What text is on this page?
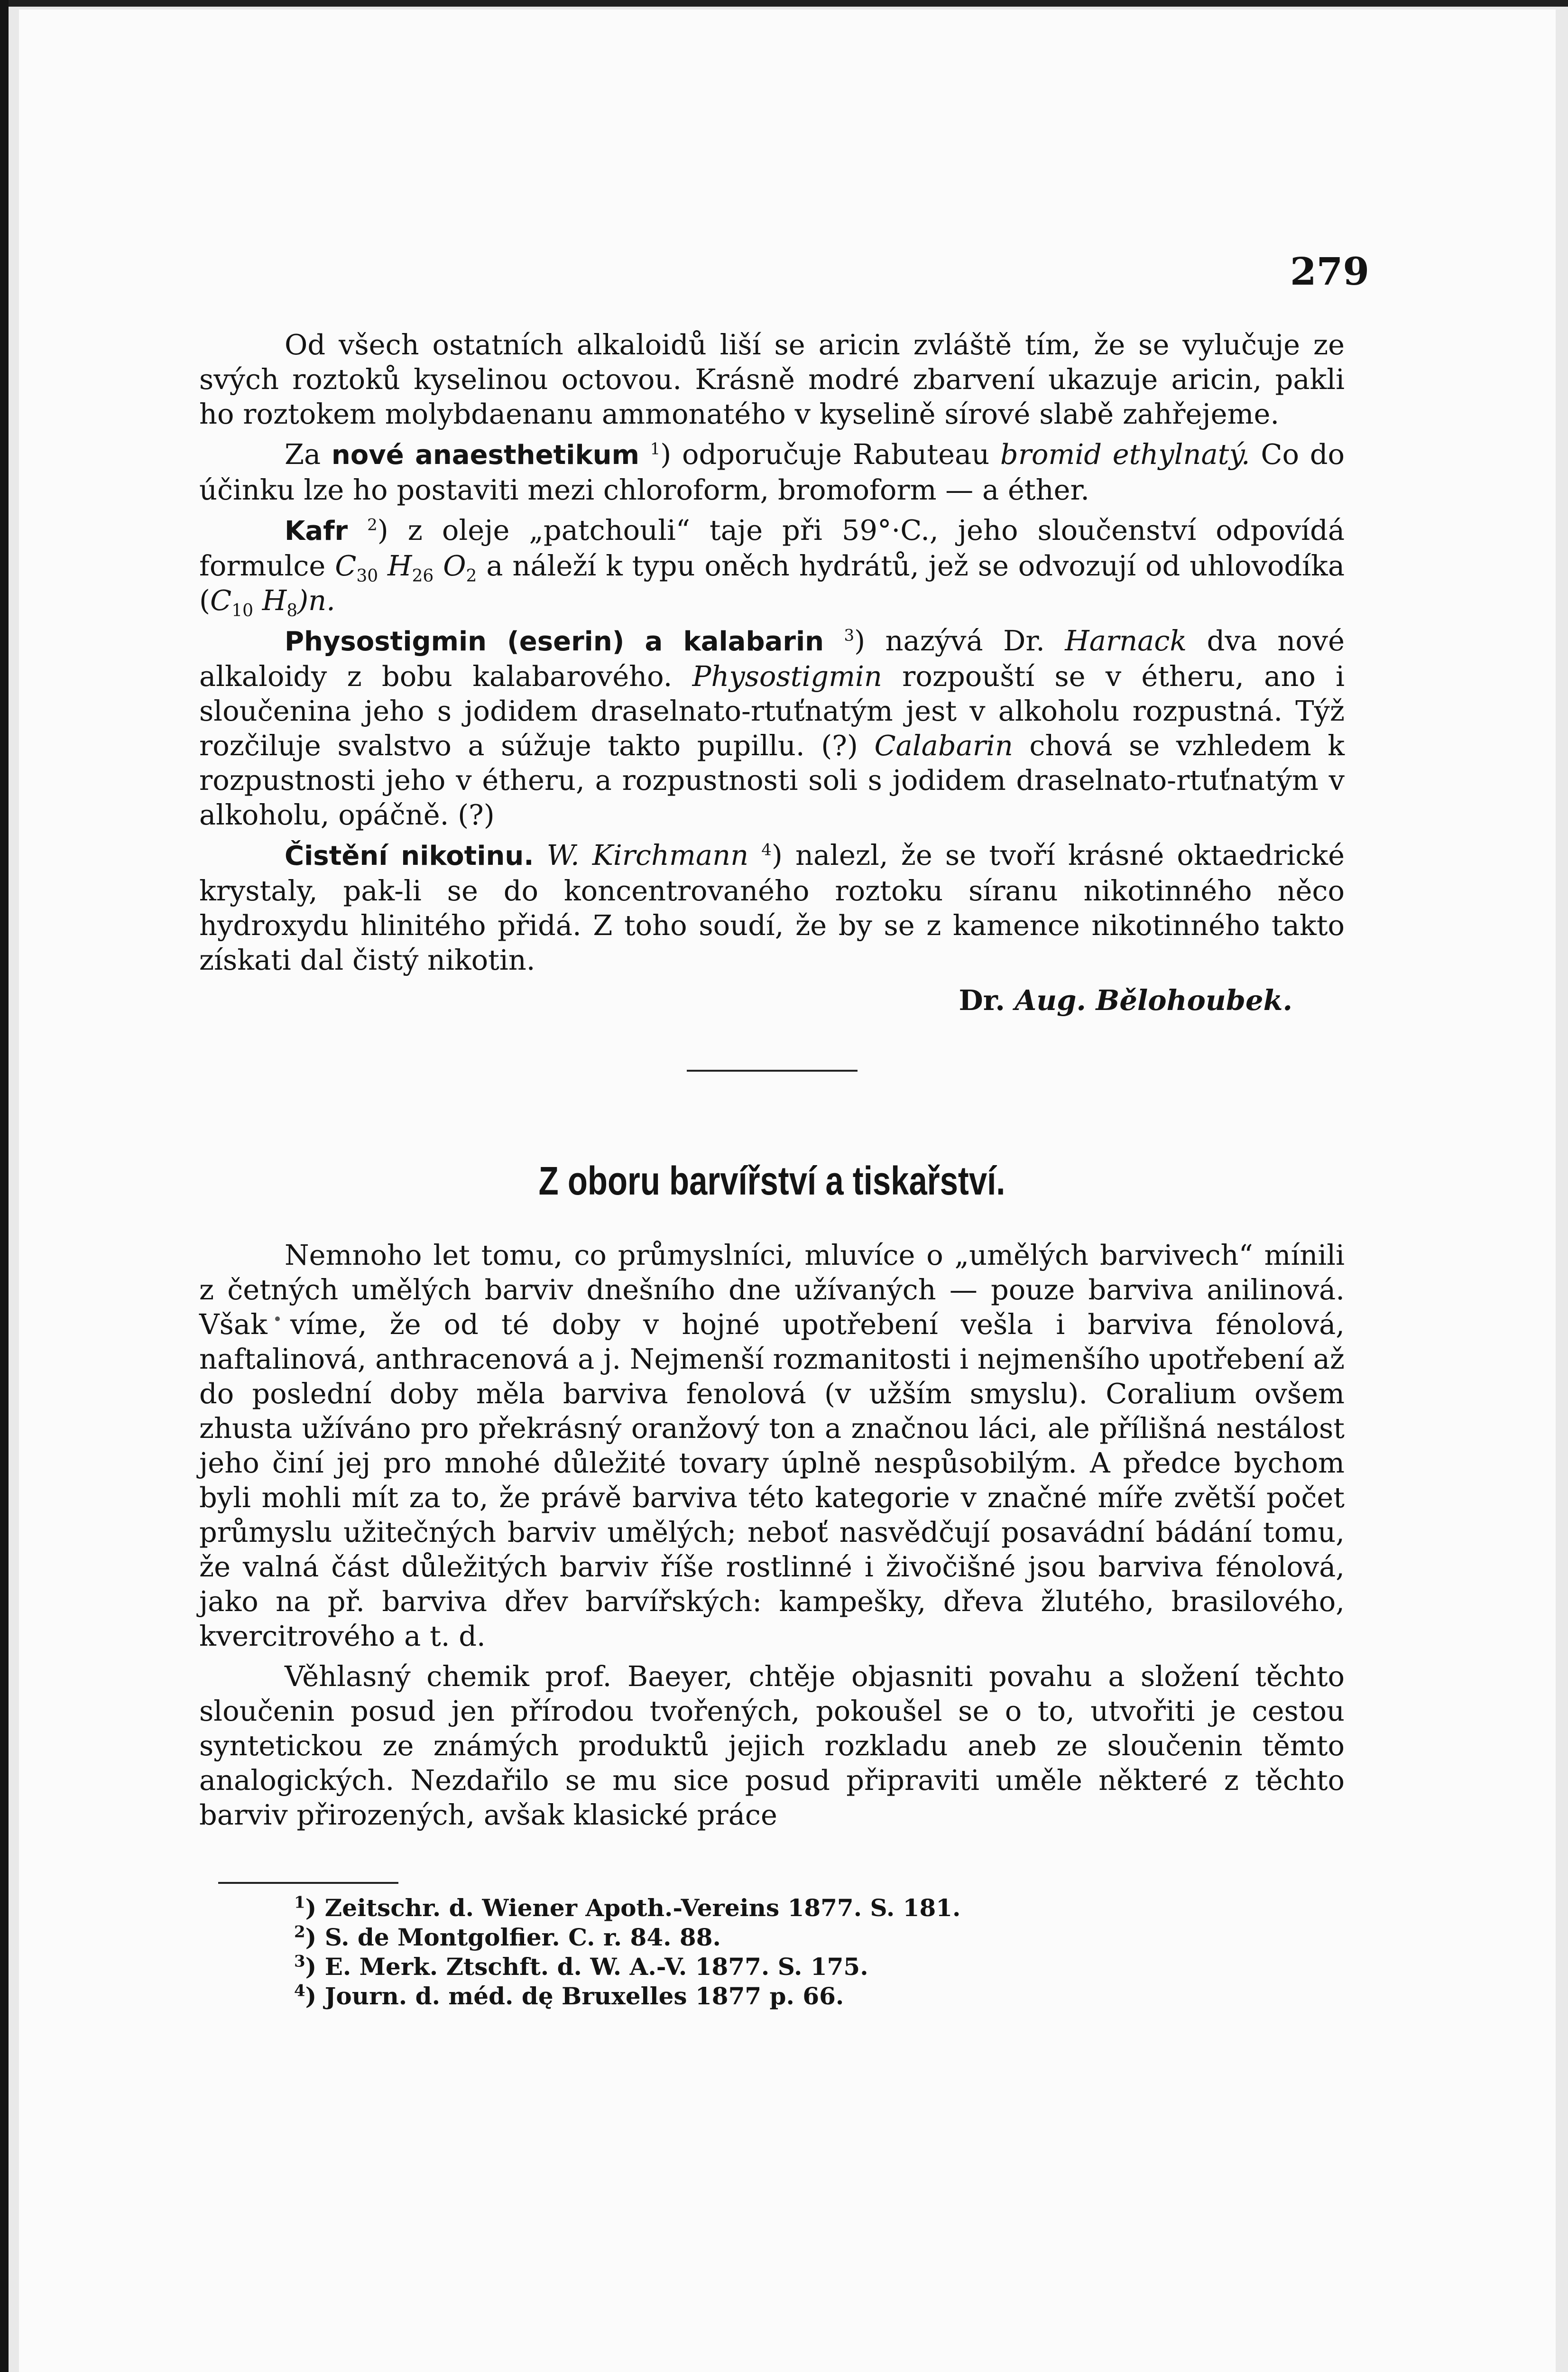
279

Od všech ostatních alkaloidů liší se aricin zvláště tím, že se vylučuje ze svých roztoků kyselinou octovou. Krásně modré zbarvení ukazuje aricin, pakli ho roztokem molybdaenanu ammonatého v kyselině sírové slabě zahřejeme.

Za nové anaesthetikum $^1$) odporučuje Rabuteau bromid ethylnatý. Co do účinku lze ho postaviti mezi chloroform, bromoform — a éther.

Kafr $^2$) z oleje „patchouli“ taje při 59°·C., jeho sloučenství odpovídá formulce $C_{30}$ $H_{26}$ $O_2$ a náleží k typu oněch hydrátů, jež se odvozují od uhlovodíka ($C_{10}$ $H_8)n$.

Physostigmin (eserin) a kalabarin $^3$) nazývá Dr. Harnack dva nové alkaloidy z bobu kalabarového. Physostigmin rozpouští se v étheru, ano i sloučenina jeho s jodidem draselnato-rtuťnatým jest v alkoholu rozpustná. Týž rozčiluje svalstvo a súžuje takto pupillu. (?) Calabarin chová se vzhledem k rozpustnosti jeho v étheru, a rozpustnosti soli s jodidem draselnato-rtuťnatým v alkoholu, opáčně. (?)

Čistění nikotinu. W. Kirchmann $^4$) nalezl, že se tvoří krásné oktaedrické krystaly, pak-li se do koncentrovaného roztoku síranu nikotinného něco hydroxydu hlinitého přidá. Z toho soudí, že by se z kamence nikotinného takto získati dal čistý nikotin.

Dr. Aug. Bělohoubek.

Z oboru barvířství a tiskařství.

Nemnoho let tomu, co průmyslníci, mluvíce o „umělých barvivech“ mínili z četných umělých barviv dnešního dne užívaných — pouze barviva anilinová. Však víme, že od té doby v hojné upotřebení vešla i barviva fénolová, naftalinová, anthracenová a j. Nejmenší rozmanitosti i nejmenšího upotřebení až do poslední doby měla barviva fenolová (v užším smyslu). Coralium ovšem zhusta užíváno pro překrásný oranžový ton a značnou láci, ale přílišná nestálost jeho činí jej pro mnohé důležité tovary úplně nespůsobilým. A předce bychom byli mohli mít za to, že právě barviva této kategorie v značné míře zvětší počet průmyslu užitečných barviv umělých; neboť nasvědčují posavádní bádání tomu, že valná část důležitých barviv říše rostlinné i živočišné jsou barviva fénolová, jako na př. barviva dřev barvířských: kampešky, dřeva žlutého, brasilového, kvercitrového a t. d.

Věhlasný chemik prof. Baeyer, chtěje objasniti povahu a složení těchto sloučenin posud jen přírodou tvořených, pokoušel se o to, utvořiti je cestou syntetickou ze známých produktů jejich rozkladu aneb ze sloučenin těmto analogických. Nezdařilo se mu sice posud připraviti uměle některé z těchto barviv přirozených, avšak klasické práce

$^1$) Zeitschr. d. Wiener Apoth.-Vereins 1877. S. 181.
$^2$) S. de Montgolfier. C. r. 84. 88.
$^3$) E. Merk. Ztschft. d. W. A.-V. 1877. S. 175.
$^4$) Journ. d. méd. dę Bruxelles 1877 p. 66.
